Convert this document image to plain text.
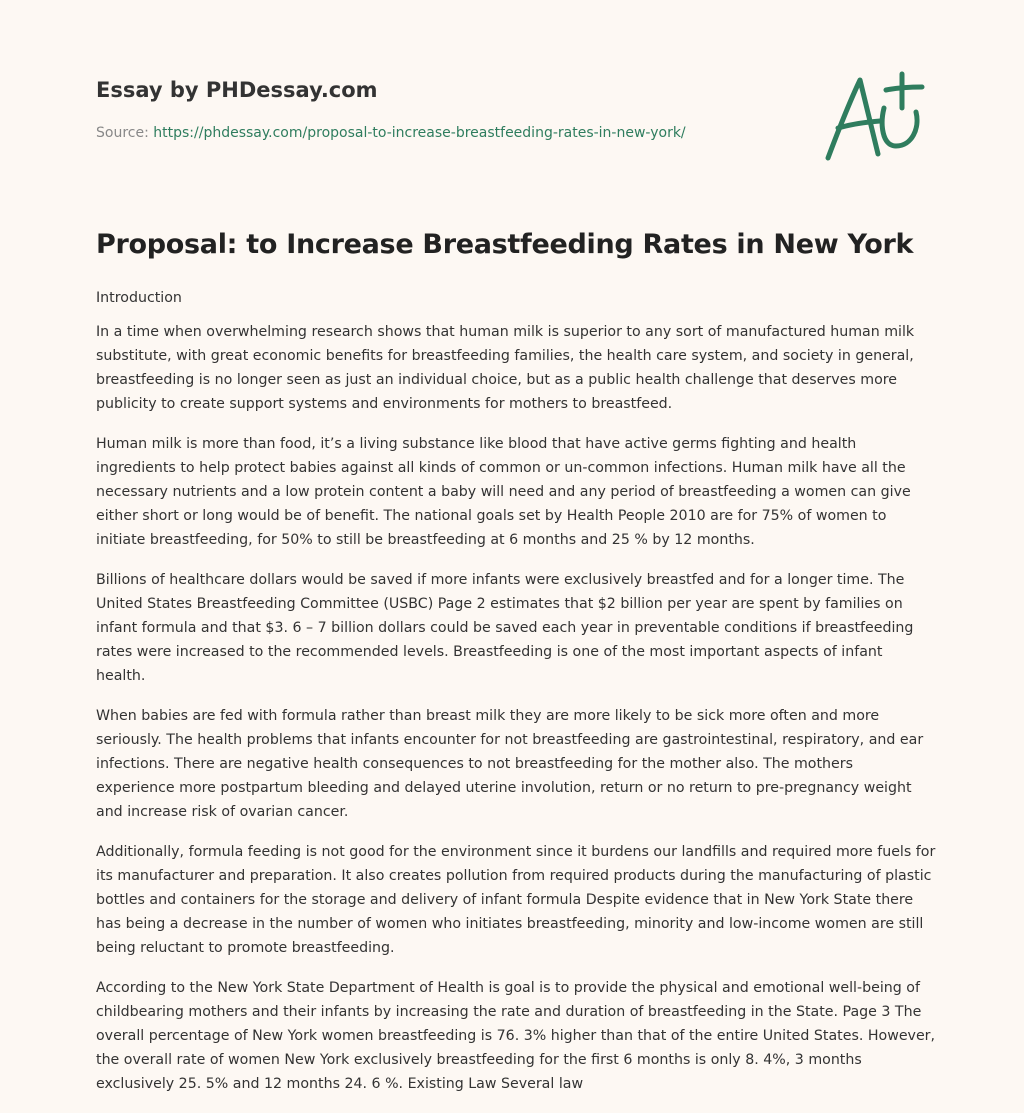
Essay by PHDessay.com
Source: https://phdessay.com/proposal-to-increase-breastfeeding-rates-in-new-york/
Proposal: to Increase Breastfeeding Rates in New York

Introduction

In a time when overwhelming research shows that human milk is superior to any sort of manufactured human milk substitute, with great economic benefits for breastfeeding families, the health care system, and society in general, breastfeeding is no longer seen as just an individual choice, but as a public health challenge that deserves more publicity to create support systems and environments for mothers to breastfeed.

Human milk is more than food, it’s a living substance like blood that have active germs fighting and health ingredients to help protect babies against all kinds of common or un-common infections. Human milk have all the necessary nutrients and a low protein content a baby will need and any period of breastfeeding a women can give either short or long would be of benefit. The national goals set by Health People 2010 are for 75% of women to initiate breastfeeding, for 50% to still be breastfeeding at 6 months and 25 % by 12 months.

Billions of healthcare dollars would be saved if more infants were exclusively breastfed and for a longer time. The United States Breastfeeding Committee (USBC) Page 2 estimates that $2 billion per year are spent by families on infant formula and that $3. 6 – 7 billion dollars could be saved each year in preventable conditions if breastfeeding rates were increased to the recommended levels. Breastfeeding is one of the most important aspects of infant health.

When babies are fed with formula rather than breast milk they are more likely to be sick more often and more seriously. The health problems that infants encounter for not breastfeeding are gastrointestinal, respiratory, and ear infections. There are negative health consequences to not breastfeeding for the mother also. The mothers experience more postpartum bleeding and delayed uterine involution, return or no return to pre-pregnancy weight and increase risk of ovarian cancer.

Additionally, formula feeding is not good for the environment since it burdens our landfills and required more fuels for its manufacturer and preparation. It also creates pollution from required products during the manufacturing of plastic bottles and containers for the storage and delivery of infant formula Despite evidence that in New York State there has being a decrease in the number of women who initiates breastfeeding, minority and low-income women are still being reluctant to promote breastfeeding.

According to the New York State Department of Health is goal is to provide the physical and emotional well-being of childbearing mothers and their infants by increasing the rate and duration of breastfeeding in the State. Page 3 The overall percentage of New York women breastfeeding is 76. 3% higher than that of the entire United States. However, the overall rate of women New York exclusively breastfeeding for the first 6 months is only 8. 4%, 3 months exclusively 25. 5% and 12 months 24. 6 %. Existing Law Several law
